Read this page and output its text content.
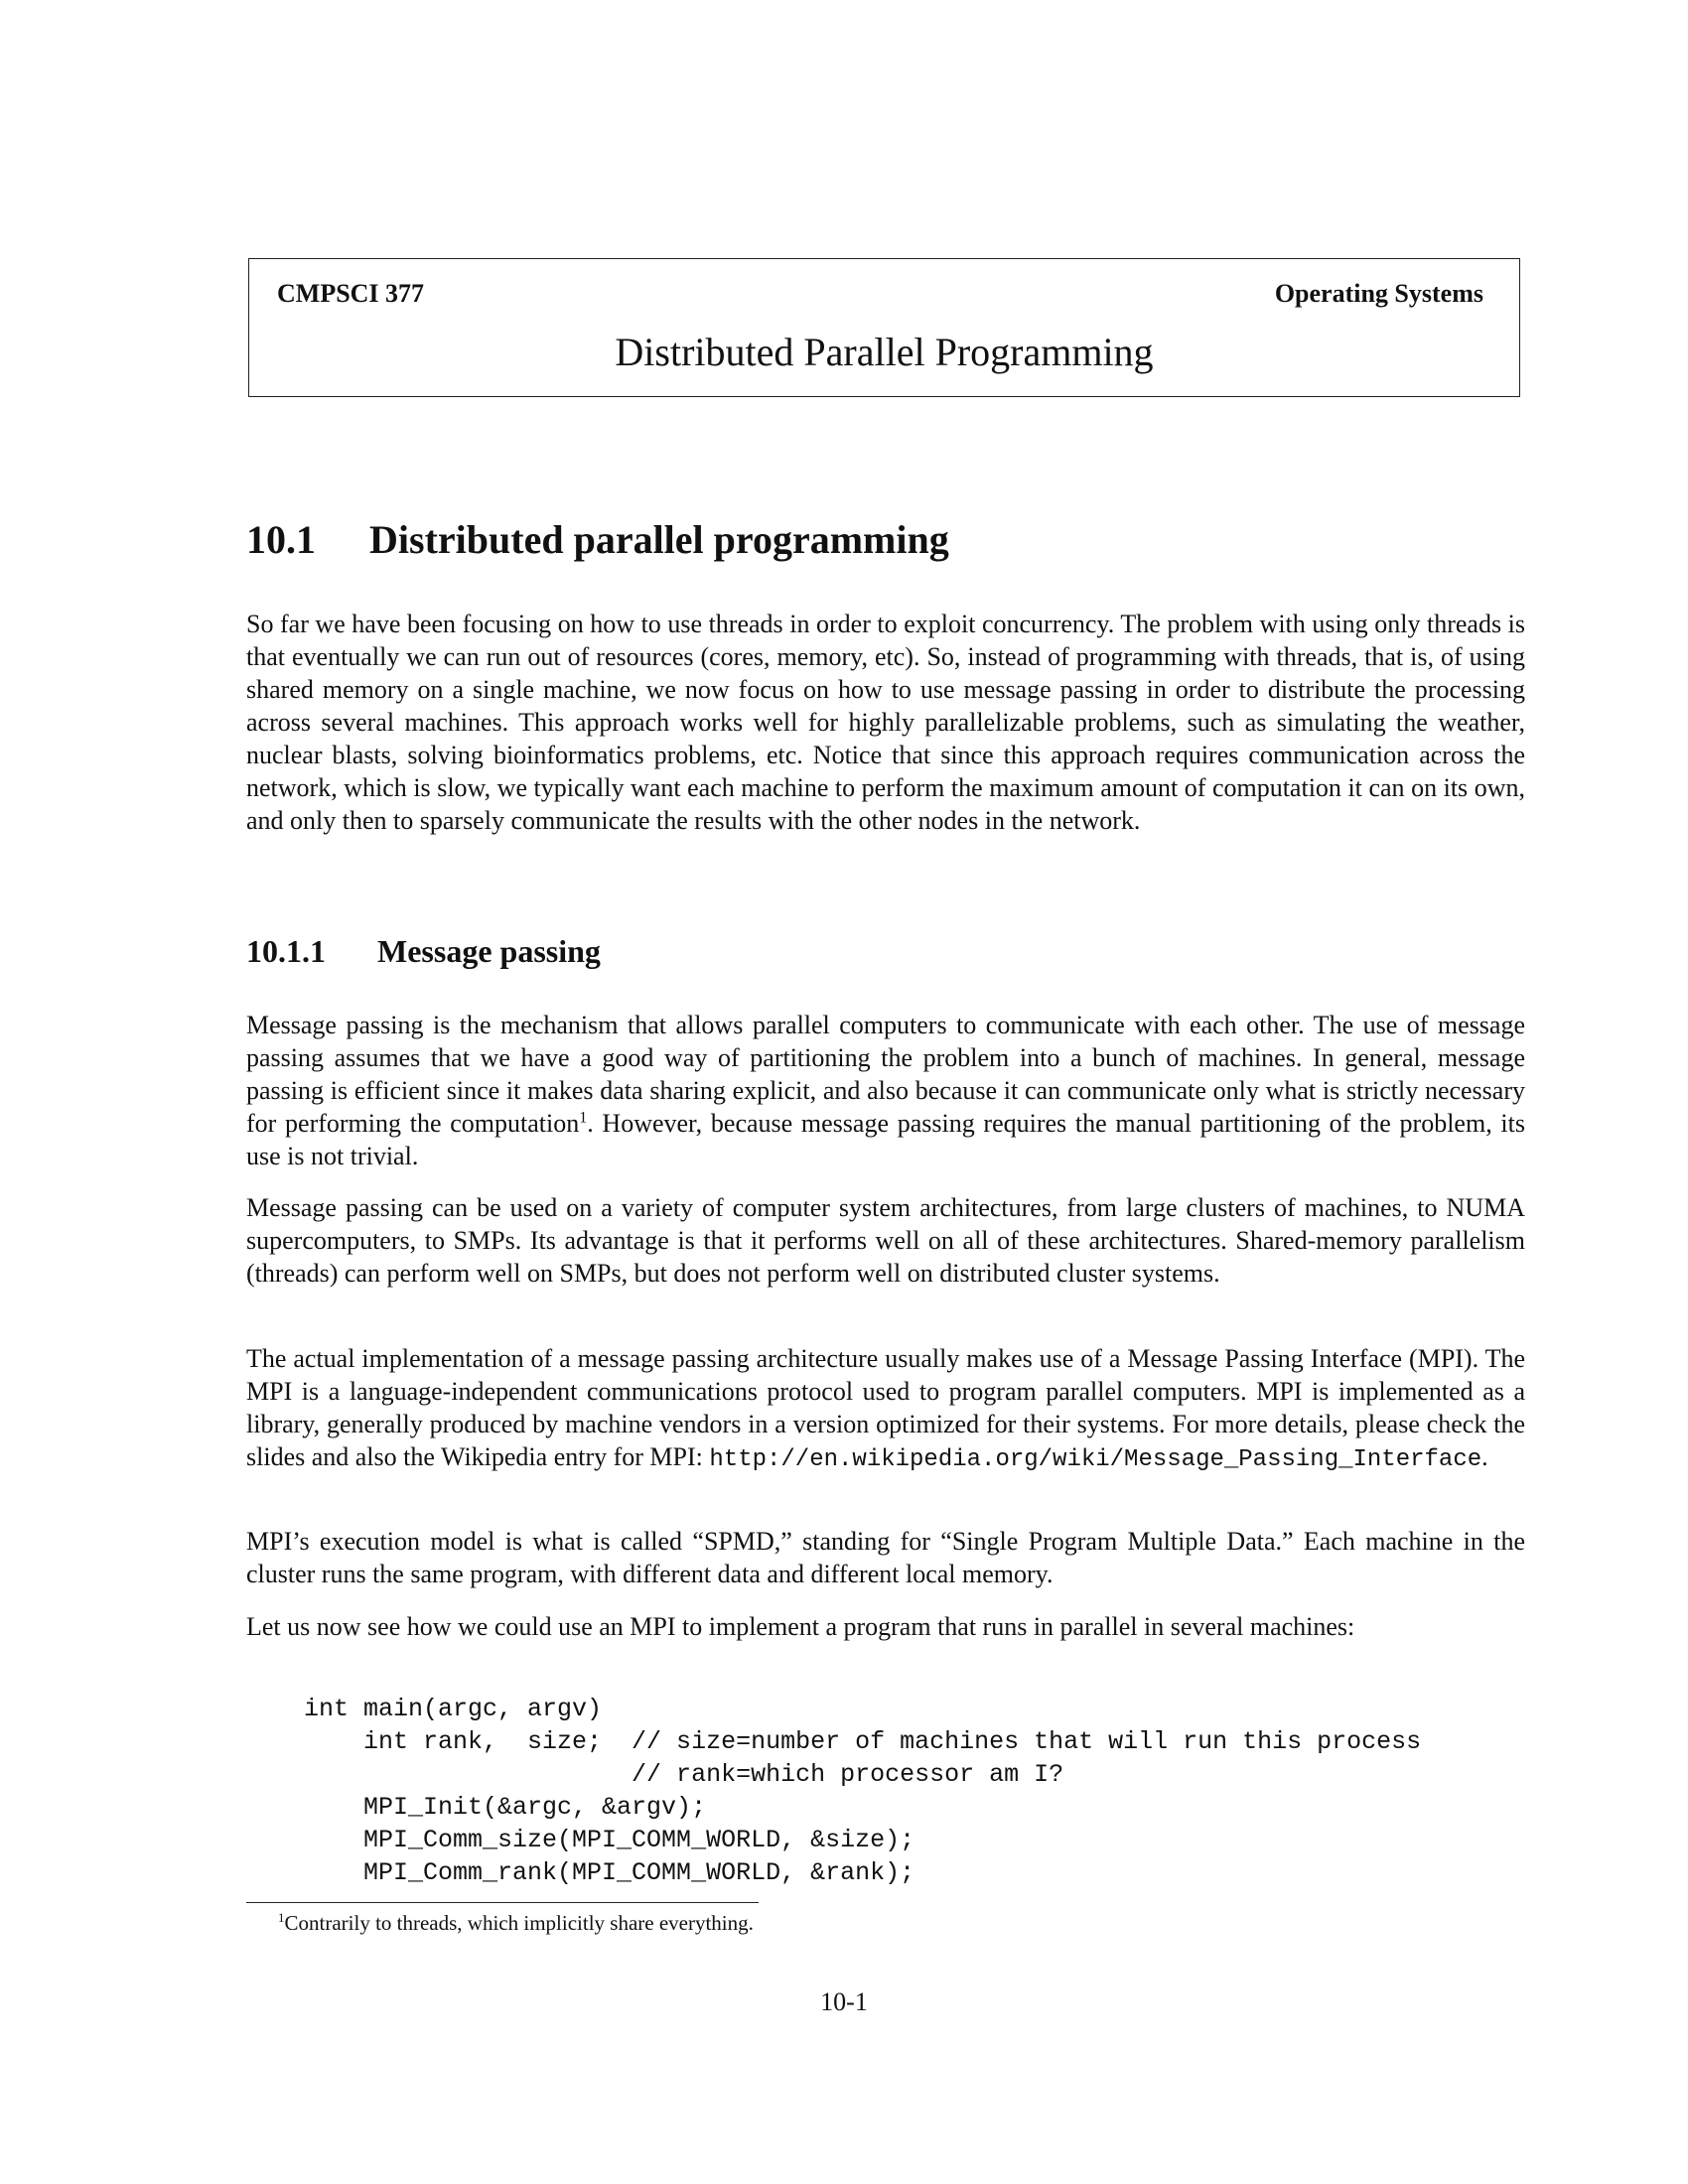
CMPSCI 377	Operating Systems
Distributed Parallel Programming
10.1 Distributed parallel programming

So far we have been focusing on how to use threads in order to exploit concurrency. The problem with using only threads is that eventually we can run out of resources (cores, memory, etc). So, instead of programming with threads, that is, of using shared memory on a single machine, we now focus on how to use message passing in order to distribute the processing across several machines. This approach works well for highly parallelizable problems, such as simulating the weather, nuclear blasts, solving bioinformatics problems, etc. Notice that since this approach requires communication across the network, which is slow, we typically want each machine to perform the maximum amount of computation it can on its own, and only then to sparsely communicate the results with the other nodes in the network.

10.1.1 Message passing

Message passing is the mechanism that allows parallel computers to communicate with each other. The use of message passing assumes that we have a good way of partitioning the problem into a bunch of machines. In general, message passing is efficient since it makes data sharing explicit, and also because it can communicate only what is strictly necessary for performing the computation$^1$. However, because message passing requires the manual partitioning of the problem, its use is not trivial.

Message passing can be used on a variety of computer system architectures, from large clusters of machines, to NUMA supercomputers, to SMPs. Its advantage is that it performs well on all of these architectures. Shared-memory parallelism (threads) can perform well on SMPs, but does not perform well on distributed cluster systems.

The actual implementation of a message passing architecture usually makes use of a Message Passing Interface (MPI). The MPI is a language-independent communications protocol used to program parallel computers. MPI is implemented as a library, generally produced by machine vendors in a version optimized for their systems. For more details, please check the slides and also the Wikipedia entry for MPI: http://en.wikipedia.org/wiki/Message_Passing_Interface.

MPI’s execution model is what is called “SPMD,” standing for “Single Program Multiple Data.” Each machine in the cluster runs the same program, with different data and different local memory.

Let us now see how we could use an MPI to implement a program that runs in parallel in several machines:

int main(argc, argv)
int rank,  size;  // size=number of machines that will run this process
// rank=which processor am I?
MPI_Init(&argc, &argv);
MPI_Comm_size(MPI_COMM_WORLD, &size);
MPI_Comm_rank(MPI_COMM_WORLD, &rank);
$^1$Contrarily to threads, which implicitly share everything.
10-1
